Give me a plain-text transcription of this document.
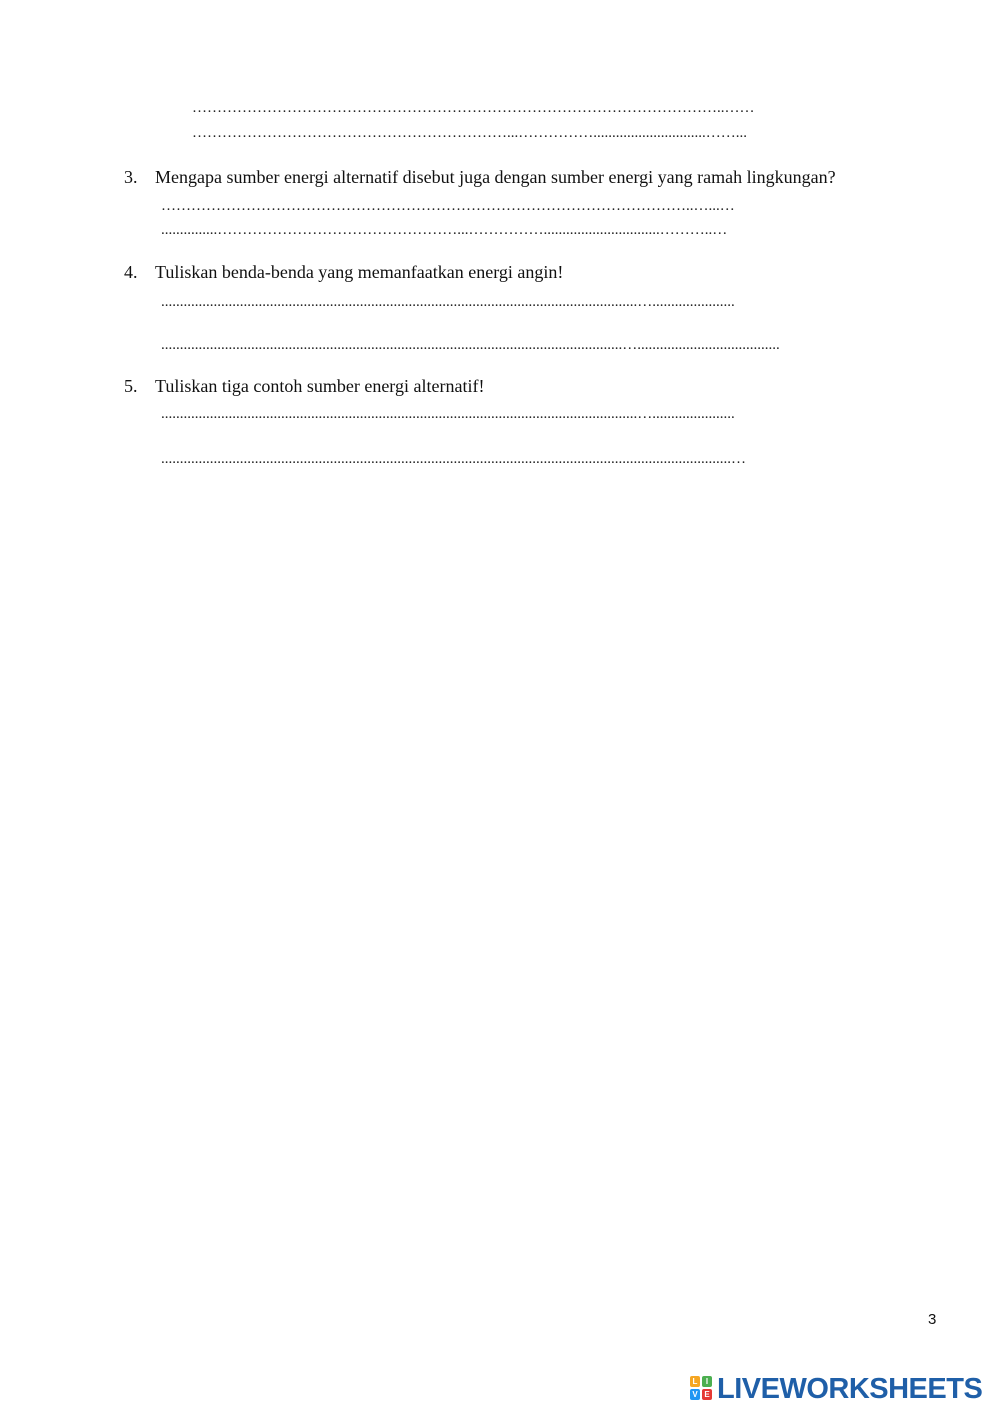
……………………………………………………………………………………………..……
………………………………………………………...……………..............................……...
3. Mengapa sumber energi alternatif disebut juga dengan sumber energi yang ramah lingkungan?
……………………………………………………………………………………………..…...…
...............…………………………………………...……………...............................………..…
4. Tuliskan benda-benda yang memanfaatkan energi angin!
...............................................................................................................................…......................
...........................................................................................................................…......................................
5. Tuliskan tiga contoh sumber energi alternatif!
...............................................................................................................................…......................
........................................................................................................................................................…
3
L	I
V E LIVEWORKSHEETS
